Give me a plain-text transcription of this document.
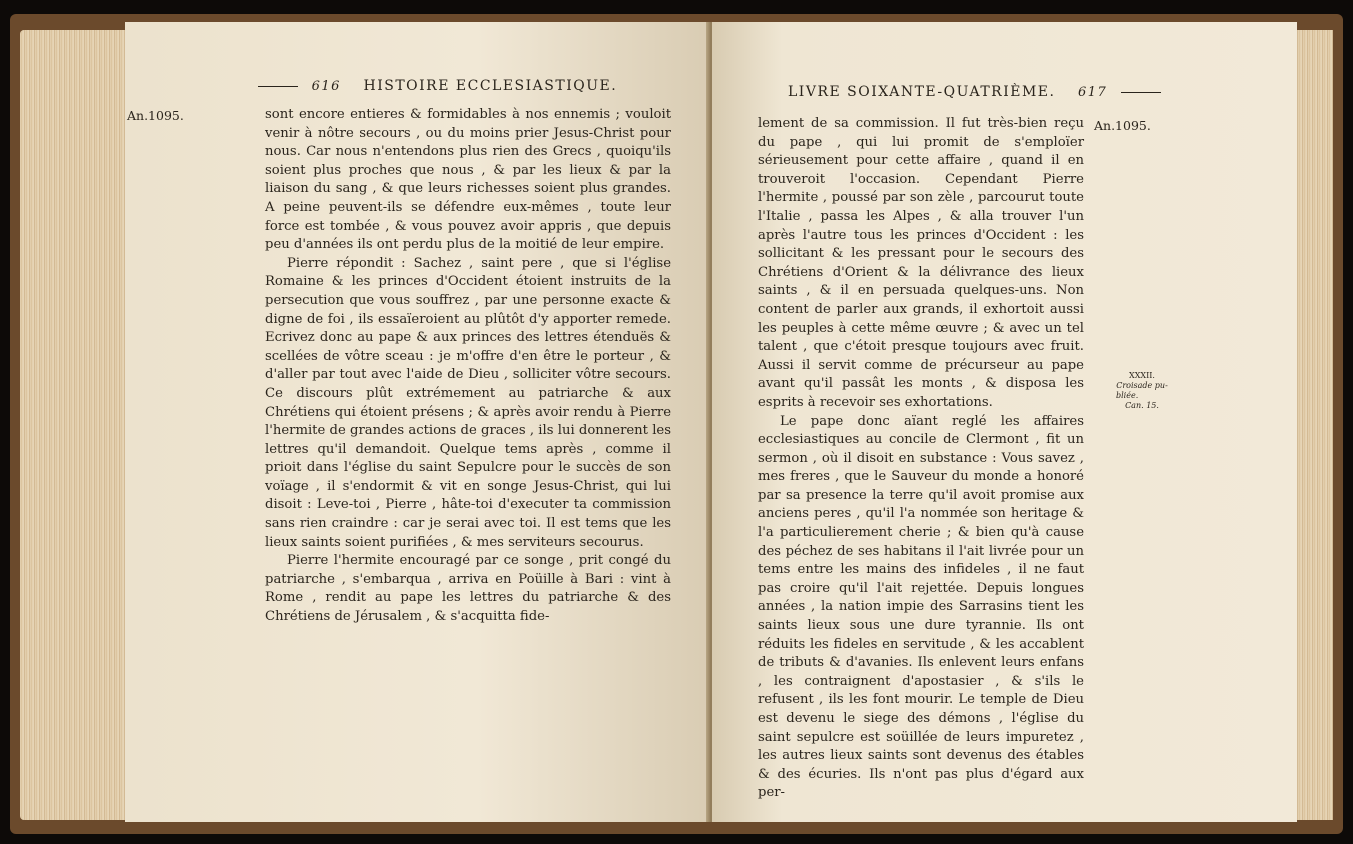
616 HISTOIRE ECCLESIASTIQUE.
An.1095.	sont encore entieres & formidables à nos ennemis ; vouloit venir à nôtre secours , ou du moins prier Jesus-Christ pour nous. Car nous n'entendons plus rien des Grecs , quoiqu'ils soient plus proches que nous , & par les lieux & par la liaison du sang , & que leurs richesses soient plus grandes. A peine peuvent-ils se défendre eux-mêmes , toute leur force est tombée , & vous pouvez avoir appris , que depuis peu d'années ils ont perdu plus de la moitié de leur empire.

Pierre répondit : Sachez , saint pere , que si l'église Romaine & les princes d'Occident étoient instruits de la persecution que vous souffrez , par une personne exacte & digne de foi , ils essaïeroient au plûtôt d'y apporter remede. Ecrivez donc au pape & aux princes des lettres étenduës & scellées de vôtre sceau : je m'offre d'en être le porteur , & d'aller par tout avec l'aide de Dieu , solliciter vôtre secours. Ce discours plût extrémement au patriarche & aux Chrétiens qui étoient présens ; & après avoir rendu à Pierre l'hermite de grandes actions de graces , ils lui donnerent les lettres qu'il demandoit. Quelque tems après , comme il prioit dans l'église du saint Sepulcre pour le succès de son voïage , il s'endormit & vit en songe Jesus-Christ, qui lui disoit : Leve-toi , Pierre , hâte-toi d'executer ta commission sans rien craindre : car je serai avec toi. Il est tems que les lieux saints soient purifiées , & mes serviteurs secourus.

Pierre l'hermite encouragé par ce songe , prit congé du patriarche , s'embarqua , arriva en Poüille à Bari : vint à Rome , rendit au pape les lettres du patriarche & des Chrétiens de Jérusalem , & s'acquitta fide-

LIVRE SOIXANTE-QUATRIÈME. 617
An.1095.
XXXII.
Croisade pu-
bliée.
Can. 15.

lement de sa commission. Il fut très-bien reçu du pape , qui lui promit de s'emploïer sérieusement pour cette affaire , quand il en trouveroit l'occasion. Cependant Pierre l'hermite , poussé par son zèle , parcourut toute l'Italie , passa les Alpes , & alla trouver l'un après l'autre tous les princes d'Occident : les sollicitant & les pressant pour le secours des Chrétiens d'Orient & la délivrance des lieux saints , & il en persuada quelques-uns. Non content de parler aux grands, il exhortoit aussi les peuples à cette même œuvre ; & avec un tel talent , que c'étoit presque toujours avec fruit. Aussi il servit comme de précurseur au pape avant qu'il passât les monts , & disposa les esprits à recevoir ses exhortations.

Le pape donc aïant reglé les affaires ecclesiastiques au concile de Clermont , fit un sermon , où il disoit en substance : Vous savez , mes freres , que le Sauveur du monde a honoré par sa presence la terre qu'il avoit promise aux anciens peres , qu'il l'a nommée son heritage & l'a particulierement cherie ; & bien qu'à cause des péchez de ses habitans il l'ait livrée pour un tems entre les mains des infideles , il ne faut pas croire qu'il l'ait rejettée. Depuis longues années , la nation impie des Sarrasins tient les saints lieux sous une dure tyrannie. Ils ont réduits les fideles en servitude , & les accablent de tributs & d'avanies. Ils enlevent leurs enfans , les contraignent d'apostasier , & s'ils le refusent , ils les font mourir. Le temple de Dieu est devenu le siege des démons , l'église du saint sepulcre est soüillée de leurs impuretez , les autres lieux saints sont devenus des étables & des écuries. Ils n'ont pas plus d'égard aux per-
